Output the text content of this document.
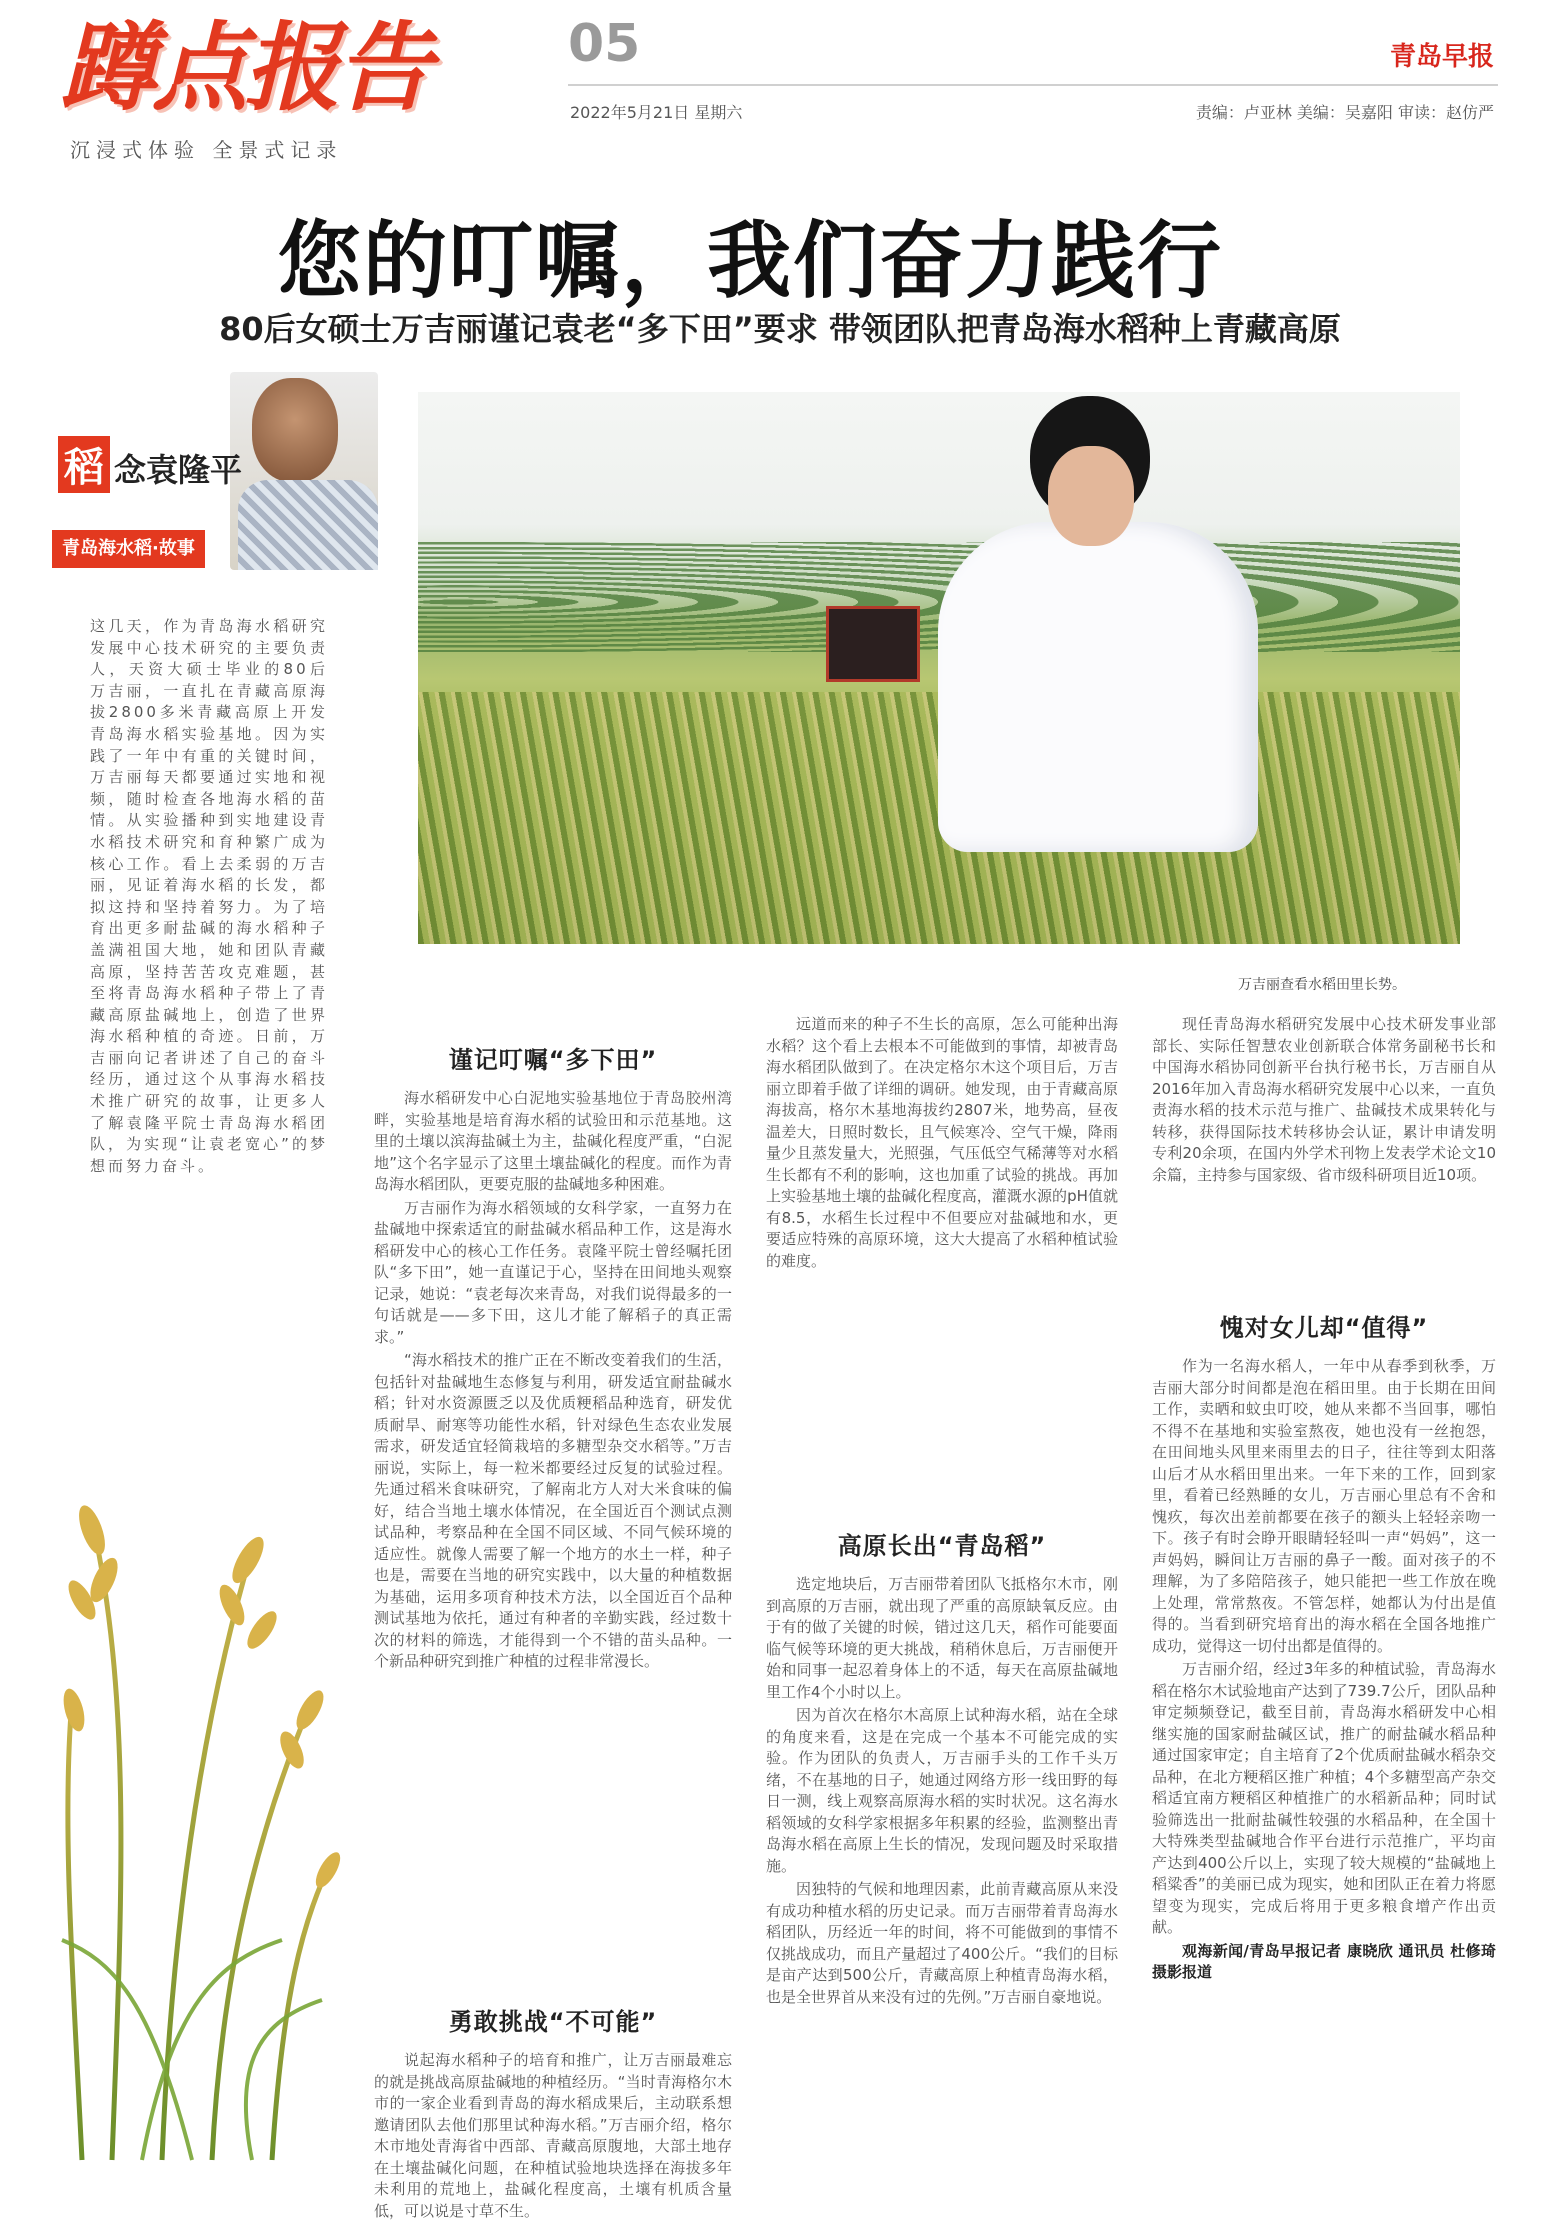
蹲点报告
沉浸式体验 全景式记录
05
2022年5月21日 星期六	责编：卢亚林 美编：吴嘉阳 审读：赵仿严
青岛早报
您的叮嘱，我们奋力践行
80后女硕士万吉丽谨记袁老“多下田”要求 带领团队把青岛海水稻种上青藏高原
稻 念袁隆平
青岛海水稻·故事
万吉丽查看水稻田里长势。
这几天，作为青岛海水稻研究发展中心技术研究的主要负责人，天资大硕士毕业的80后万吉丽，一直扎在青藏高原海拔2800多米青藏高原上开发青岛海水稻实验基地。因为实践了一年中有重的关键时间，万吉丽每天都要通过实地和视频，随时检查各地海水稻的苗情。从实验播种到实地建设青水稻技术研究和育种繁广成为核心工作。看上去柔弱的万吉丽，见证着海水稻的长发，都拟这持和坚持着努力。为了培育出更多耐盐碱的海水稻种子盖满祖国大地，她和团队青藏高原，坚持苦苦攻克难题，甚至将青岛海水稻种子带上了青藏高原盐碱地上，创造了世界海水稻种植的奇迹。日前，万吉丽向记者讲述了自己的奋斗经历，通过这个从事海水稻技术推广研究的故事，让更多人了解袁隆平院士青岛海水稻团队，为实现“让袁老宽心”的梦想而努力奋斗。
谨记叮嘱“多下田”
高原长出“青岛稻”
勇敢挑战“不可能”
愧对女儿却“值得”

海水稻研发中心白泥地实验基地位于青岛胶州湾畔，实验基地是培育海水稻的试验田和示范基地。这里的土壤以滨海盐碱土为主，盐碱化程度严重，“白泥地”这个名字显示了这里土壤盐碱化的程度。而作为青岛海水稻团队，更要克服的盐碱地多种困难。

万吉丽作为海水稻领域的女科学家，一直努力在盐碱地中探索适宜的耐盐碱水稻品种工作，这是海水稻研发中心的核心工作任务。袁隆平院士曾经嘱托团队“多下田”，她一直谨记于心，坚持在田间地头观察记录，她说：“袁老每次来青岛，对我们说得最多的一句话就是——多下田，这儿才能了解稻子的真正需求。”

“海水稻技术的推广正在不断改变着我们的生活，包括针对盐碱地生态修复与利用，研发适宜耐盐碱水稻；针对水资源匮乏以及优质粳稻品种选育，研发优质耐旱、耐寒等功能性水稻，针对绿色生态农业发展需求，研发适宜轻简栽培的多糖型杂交水稻等。”万吉丽说，实际上，每一粒米都要经过反复的试验过程。先通过稻米食味研究，了解南北方人对大米食味的偏好，结合当地土壤水体情况，在全国近百个测试点测试品种，考察品种在全国不同区域、不同气候环境的适应性。就像人需要了解一个地方的水土一样，种子也是，需要在当地的研究实践中，以大量的种植数据为基础，运用多项育种技术方法，以全国近百个品种测试基地为依托，通过有种者的辛勤实践，经过数十次的材料的筛选，才能得到一个不错的苗头品种。一个新品种研究到推广种植的过程非常漫长。

说起海水稻种子的培育和推广，让万吉丽最难忘的就是挑战高原盐碱地的种植经历。“当时青海格尔木市的一家企业看到青岛的海水稻成果后，主动联系想邀请团队去他们那里试种海水稻。”万吉丽介绍，格尔木市地处青海省中西部、青藏高原腹地，大部土地存在土壤盐碱化问题，在种植试验地块选择在海拔多年未利用的荒地上，盐碱化程度高，土壤有机质含量低，可以说是寸草不生。

远道而来的种子不生长的高原，怎么可能种出海水稻？这个看上去根本不可能做到的事情，却被青岛海水稻团队做到了。在决定格尔木这个项目后，万吉丽立即着手做了详细的调研。她发现，由于青藏高原海拔高，格尔木基地海拔约2807米，地势高，昼夜温差大，日照时数长，且气候寒冷、空气干燥，降雨量少且蒸发量大，光照强，气压低空气稀薄等对水稻生长都有不利的影响，这也加重了试验的挑战。再加上实验基地土壤的盐碱化程度高，灌溉水源的pH值就有8.5，水稻生长过程中不但要应对盐碱地和水，更要适应特殊的高原环境，这大大提高了水稻种植试验的难度。

选定地块后，万吉丽带着团队飞抵格尔木市，刚到高原的万吉丽，就出现了严重的高原缺氧反应。由于有的做了关键的时候，错过这几天，稻作可能要面临气候等环境的更大挑战，稍稍休息后，万吉丽便开始和同事一起忍着身体上的不适，每天在高原盐碱地里工作4个小时以上。

因为首次在格尔木高原上试种海水稻，站在全球的角度来看，这是在完成一个基本不可能完成的实验。作为团队的负责人，万吉丽手头的工作千头万绪，不在基地的日子，她通过网络方形一线田野的每日一测，线上观察高原海水稻的实时状况。这名海水稻领域的女科学家根据多年积累的经验，监测整出青岛海水稻在高原上生长的情况，发现问题及时采取措施。

因独特的气候和地理因素，此前青藏高原从来没有成功种植水稻的历史记录。而万吉丽带着青岛海水稻团队，历经近一年的时间，将不可能做到的事情不仅挑战成功，而且产量超过了400公斤。“我们的目标是亩产达到500公斤，青藏高原上种植青岛海水稻，也是全世界首从来没有过的先例。”万吉丽自豪地说。

现任青岛海水稻研究发展中心技术研发事业部部长、实际任智慧农业创新联合体常务副秘书长和中国海水稻协同创新平台执行秘书长，万吉丽自从2016年加入青岛海水稻研究发展中心以来，一直负责海水稻的技术示范与推广、盐碱技术成果转化与转移，获得国际技术转移协会认证，累计申请发明专利20余项，在国内外学术刊物上发表学术论文10余篇，主持参与国家级、省市级科研项目近10项。

作为一名海水稻人，一年中从春季到秋季，万吉丽大部分时间都是泡在稻田里。由于长期在田间工作，卖晒和蚊虫叮咬，她从来都不当回事，哪怕不得不在基地和实验室熬夜，她也没有一丝抱怨，在田间地头风里来雨里去的日子，往往等到太阳落山后才从水稻田里出来。一年下来的工作，回到家里，看着已经熟睡的女儿，万吉丽心里总有不舍和愧疚，每次出差前都要在孩子的额头上轻轻亲吻一下。孩子有时会睁开眼睛轻轻叫一声“妈妈”，这一声妈妈，瞬间让万吉丽的鼻子一酸。面对孩子的不理解，为了多陪陪孩子，她只能把一些工作放在晚上处理，常常熬夜。不管怎样，她都认为付出是值得的。当看到研究培育出的海水稻在全国各地推广成功，觉得这一切付出都是值得的。

万吉丽介绍，经过3年多的种植试验，青岛海水稻在格尔木试验地亩产达到了739.7公斤，团队品种审定频频登记，截至目前，青岛海水稻研发中心相继实施的国家耐盐碱区试，推广的耐盐碱水稻品种通过国家审定；自主培育了2个优质耐盐碱水稻杂交品种，在北方粳稻区推广种植；4个多糖型高产杂交稻适宜南方粳稻区种植推广的水稻新品种；同时试验筛选出一批耐盐碱性较强的水稻品种，在全国十大特殊类型盐碱地合作平台进行示范推广，平均亩产达到400公斤以上，实现了较大规模的“盐碱地上稻粱香”的美丽已成为现实，她和团队正在着力将愿望变为现实，完成后将用于更多粮食增产作出贡献。

观海新闻/青岛早报记者 康晓欣 通讯员 杜修琦 摄影报道
